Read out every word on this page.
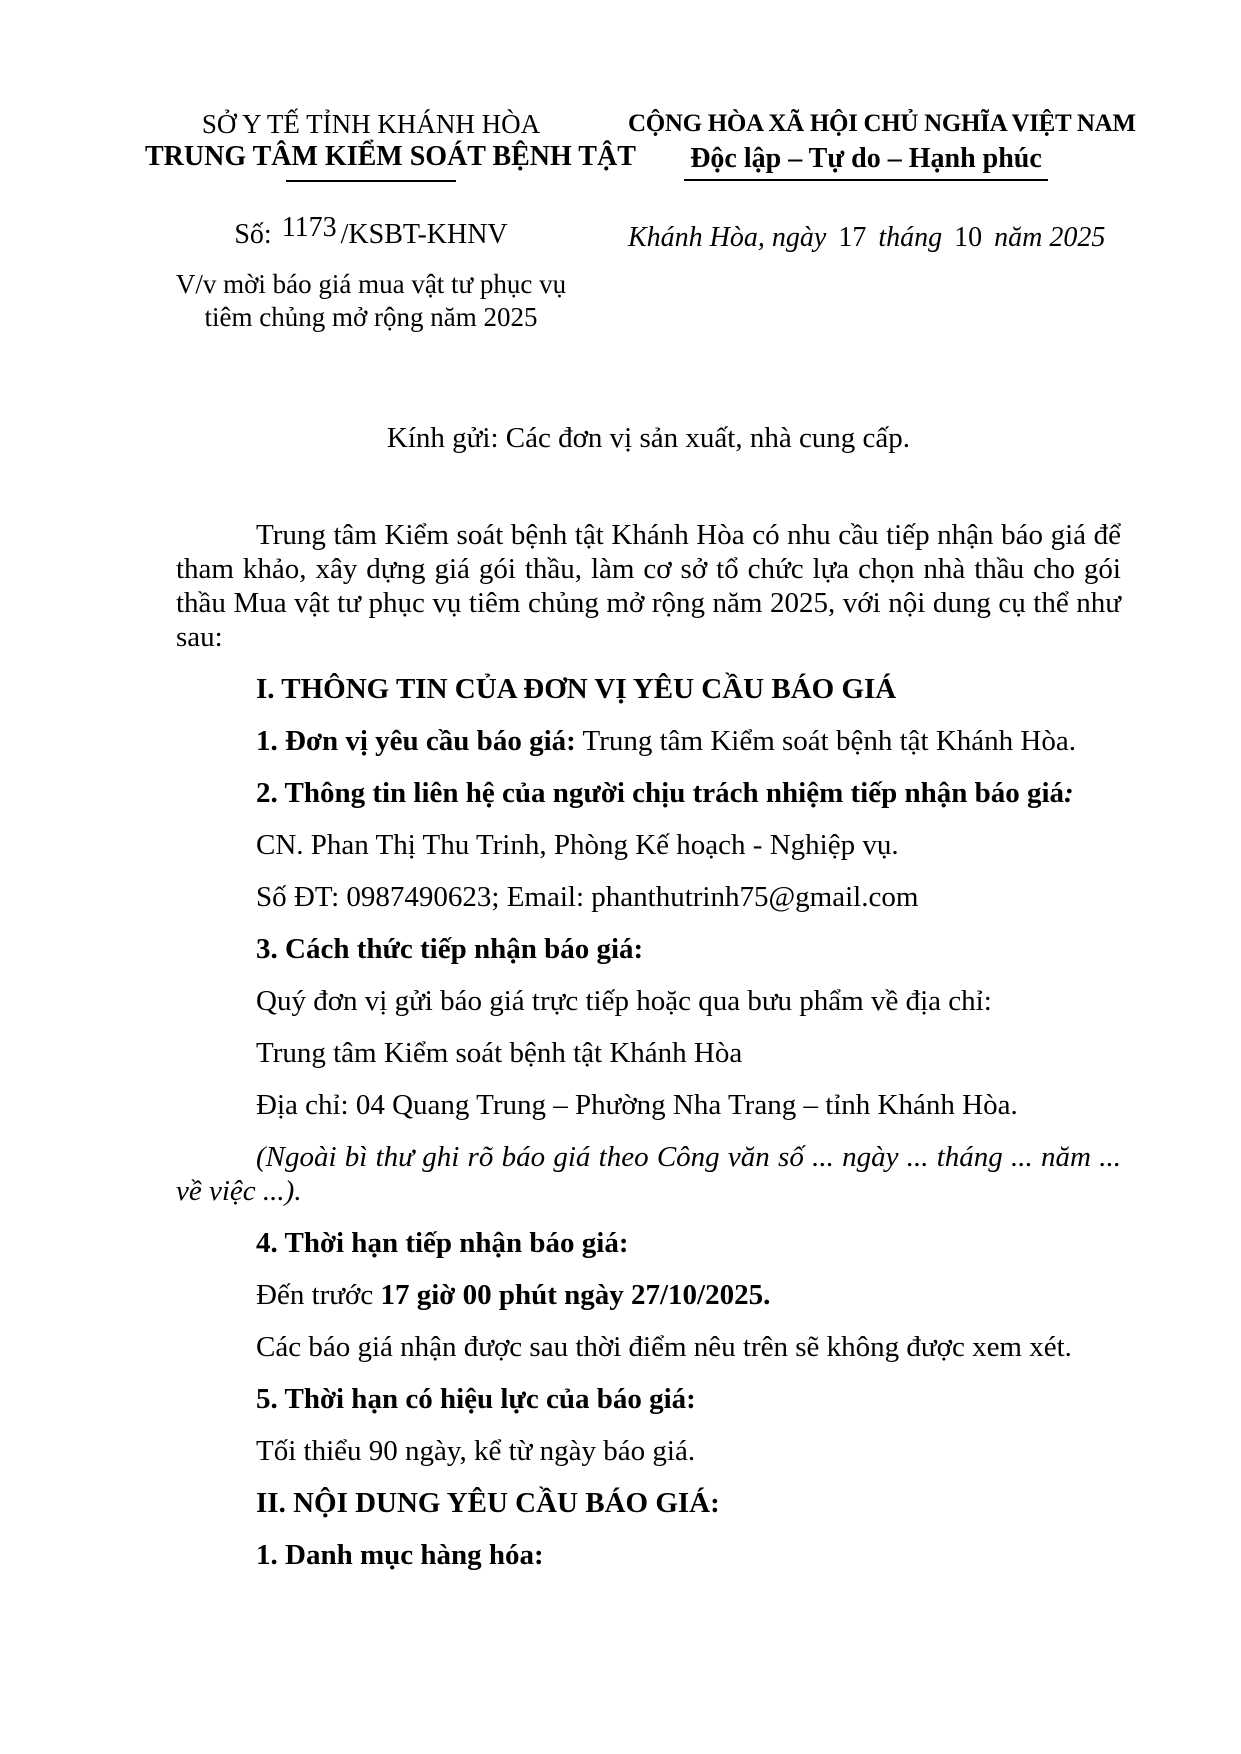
SỞ Y TẾ TỈNH KHÁNH HÒA
TRUNG TÂM KIỂM SOÁT BỆNH TẬT
Số: 1173 /KSBT-KHNV
V/v mời báo giá mua vật tư phục vụ
tiêm chủng mở rộng năm 2025
CỘNG HÒA XÃ HỘI CHỦ NGHĨA VIỆT NAM
Độc lập – Tự do – Hạnh phúc
Khánh Hòa, ngày 17 tháng 10 năm 2025
Kính gửi: Các đơn vị sản xuất, nhà cung cấp.

Trung tâm Kiểm soát bệnh tật Khánh Hòa có nhu cầu tiếp nhận báo giá để tham khảo, xây dựng giá gói thầu, làm cơ sở tổ chức lựa chọn nhà thầu cho gói thầu Mua vật tư phục vụ tiêm chủng mở rộng năm 2025, với nội dung cụ thể như sau:

I. THÔNG TIN CỦA ĐƠN VỊ YÊU CẦU BÁO GIÁ

1. Đơn vị yêu cầu báo giá: Trung tâm Kiểm soát bệnh tật Khánh Hòa.

2. Thông tin liên hệ của người chịu trách nhiệm tiếp nhận báo giá:

CN. Phan Thị Thu Trinh, Phòng Kế hoạch - Nghiệp vụ.

Số ĐT: 0987490623; Email: phanthutrinh75@gmail.com

3. Cách thức tiếp nhận báo giá:

Quý đơn vị gửi báo giá trực tiếp hoặc qua bưu phẩm về địa chỉ:

Trung tâm Kiểm soát bệnh tật Khánh Hòa

Địa chỉ: 04 Quang Trung – Phường Nha Trang – tỉnh Khánh Hòa.

(Ngoài bì thư ghi rõ báo giá theo Công văn số ... ngày ... tháng ... năm ... về việc ...).

4. Thời hạn tiếp nhận báo giá:

Đến trước 17 giờ 00 phút ngày 27/10/2025.

Các báo giá nhận được sau thời điểm nêu trên sẽ không được xem xét.

5. Thời hạn có hiệu lực của báo giá:

Tối thiểu 90 ngày, kể từ ngày báo giá.

II. NỘI DUNG YÊU CẦU BÁO GIÁ:

1. Danh mục hàng hóa:
